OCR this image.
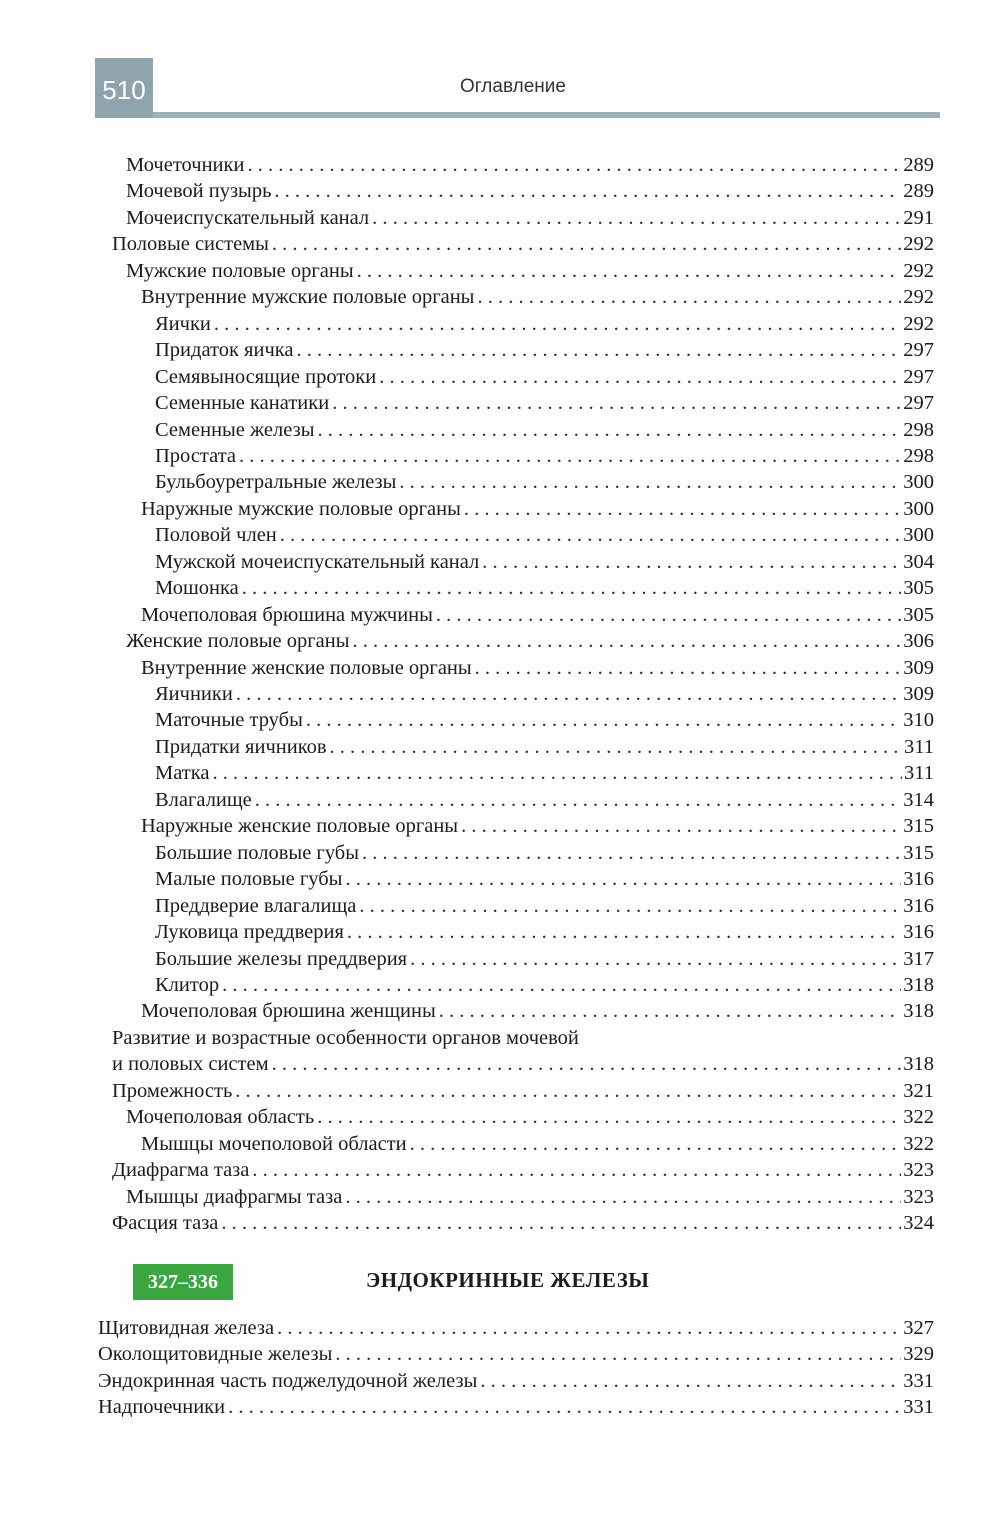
510	Оглавление
Мочеточники . . .	289
Мочевой пузырь . . .	289
Мочеиспускательный канал . . .	291
Половые системы . . .	292
Мужские половые органы . . .	292
Внутренние мужские половые органы . . .	292
Яички . . .	292
Придаток яичка . . .	297
Семявыносящие протоки . . .	297
Семенные канатики . . .	297
Семенные железы . . .	298
Простата . . .	298
Бульбоуретральные железы . . .	300
Наружные мужские половые органы . . .	300
Половой член . . .	300
Мужской мочеиспускательный канал . . .	304
Мошонка . . .	305
Мочеполовая брюшина мужчины . . .	305
Женские половые органы . . .	306
Внутренние женские половые органы . . .	309
Яичники . . .	309
Маточные трубы . . .	310
Придатки яичников . . .	311
Матка . . .	311
Влагалище . . .	314
Наружные женские половые органы . . .	315
Большие половые губы . . .	315
Малые половые губы . . .	316
Преддверие влагалища . . .	316
Луковица преддверия . . .	316
Большие железы преддверия . . .	317
Клитор . . .	318
Мочеполовая брюшина женщины . . .	318
Развитие и возрастные особенности органов мочевой
и половых систем . . .	318
Промежность . . .	321
Мочеполовая область . . .	322
Мышцы мочеполовой области . . .	322
Диафрагма таза . . .	323
Мышцы диафрагмы таза . . .	323
Фасция таза . . .	324
327–336	ЭНДОКРИННЫЕ ЖЕЛЕЗЫ
Щитовидная железа . . .	327
Околощитовидные железы . . .	329
Эндокринная часть поджелудочной железы . . .	331
Надпочечники . . .	331
